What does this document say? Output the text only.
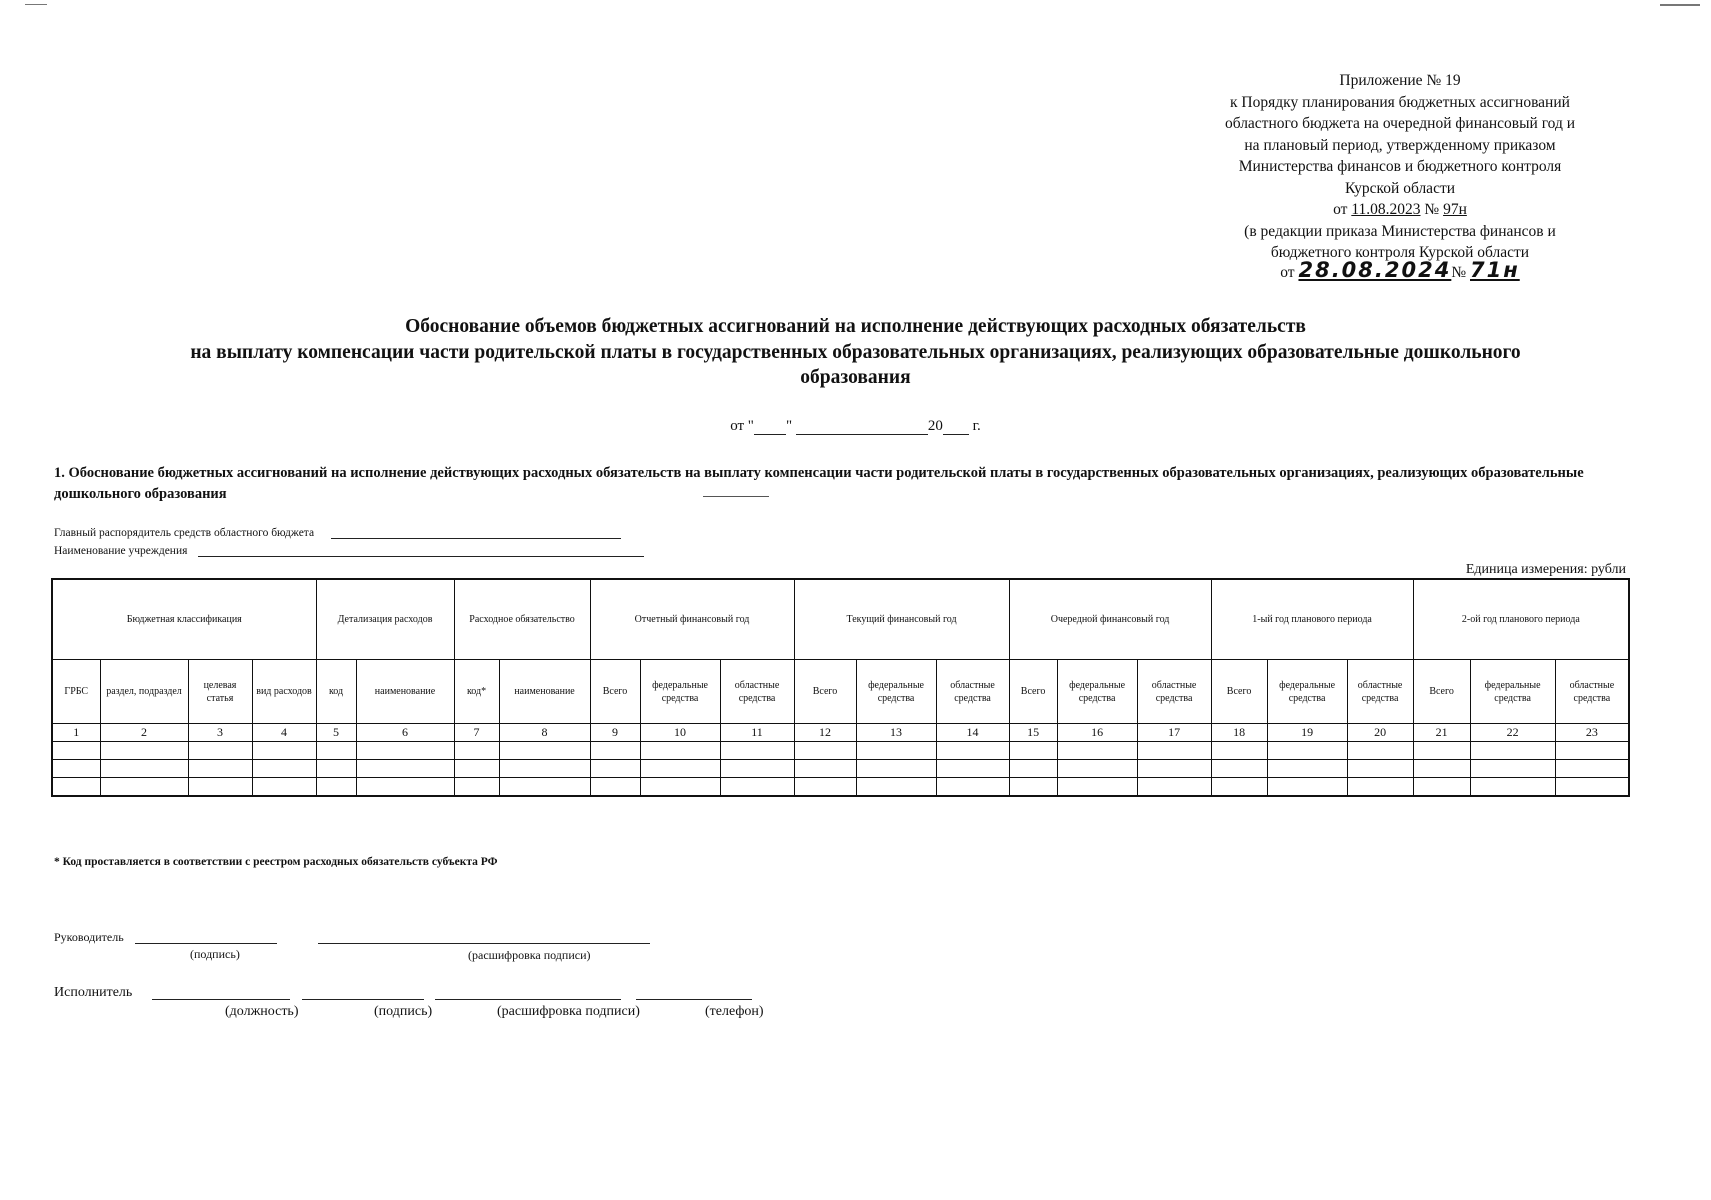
Приложение № 19
к Порядку планирования бюджетных ассигнований
областного бюджета на очередной финансовый год и
на плановый период, утвержденному приказом
Министерства финансов и бюджетного контроля
Курской области
от 11.08.2023 № 97н
(в редакции приказа Министерства финансов и
бюджетного контроля Курской области
от 28.08.2024№ 71н
Обоснование объемов бюджетных ассигнований на исполнение действующих расходных обязательств
на выплату компенсации части родительской платы в государственных образовательных организациях, реализующих образовательные дошкольного
образования
от " "	20 г.
1. Обоснование бюджетных ассигнований на исполнение действующих расходных обязательств на выплату компенсации части родительской платы в государственных образовательных организациях, реализующих образовательные дошкольного образования
Главный распорядитель средств областного бюджета
Наименование учреждения
Единица измерения: рубли
Бюджетная классификация				Детализация расходов		Расходное обязательство		Отчетный финансовый год			Текущий финансовый год			Очередной финансовый год			1-ый год планового периода			2-ой год планового периода		
ГРБС	раздел, подраздел	целевая статья	вид расходов	код	наименование	код*	наименование	Всего	федеральные средства	областные средства	Всего	федеральные средства	областные средства	Всего	федеральные средства	областные средства	Всего	федеральные средства	областные средства	Всего	федеральные средства	областные средства
1	2	3	4	5	6	7	8	9	10	11	12	13	14	15	16	17	18	19	20	21	22	23

* Код проставляется в соответствии с реестром расходных обязательств субъекта РФ
Руководитель
(подпись)	(расшифровка подписи)
Исполнитель
(должность)	(подпись)	(расшифровка подписи)	(телефон)
